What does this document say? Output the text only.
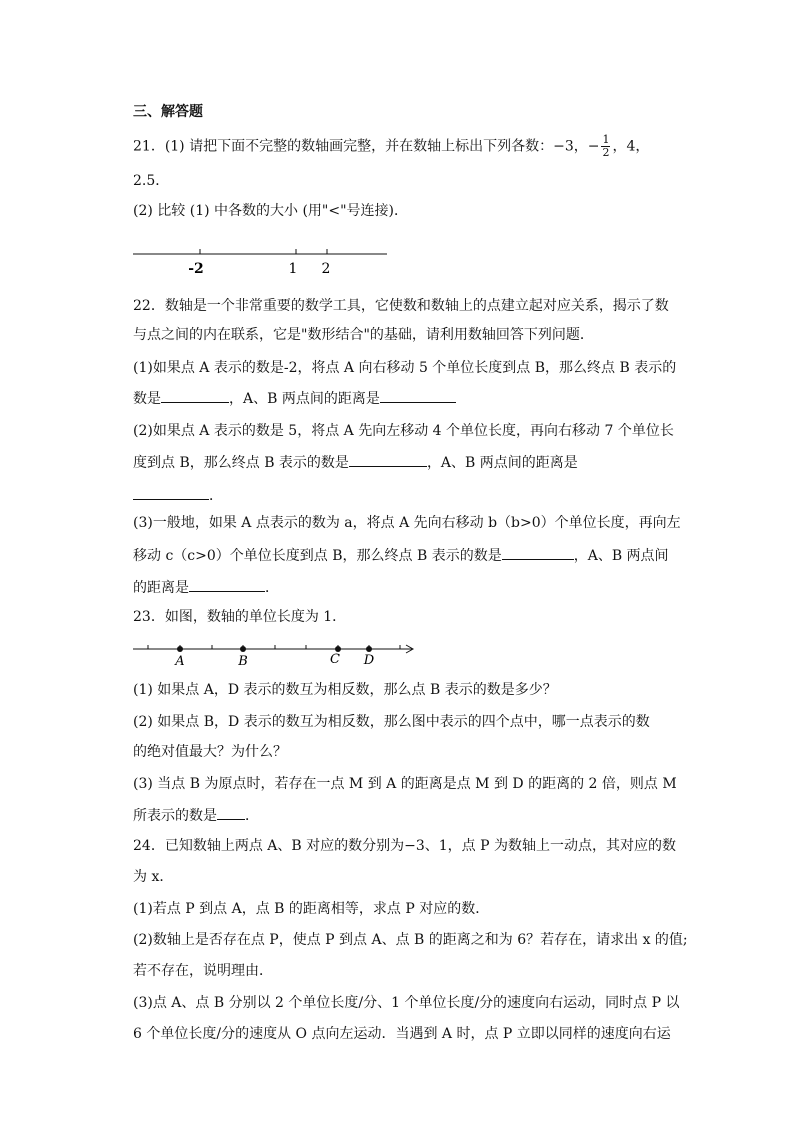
三、解答题
21．(1) 请把下面不完整的数轴画完整，并在数轴上标出下列各数：−3，− $\frac{1}{2}$ ，4，
2.5．
(2) 比较 (1) 中各数的大小 (用"<"号连接)．
-2	1 2
22．数轴是一个非常重要的数学工具，它使数和数轴上的点建立起对应关系，揭示了数
与点之间的内在联系，它是"数形结合"的基础，请利用数轴回答下列问题．
(1)如果点 A 表示的数是-2，将点 A 向右移动 5 个单位长度到点 B，那么终点 B 表示的
数是	，A、B 两点间的距离是
(2)如果点 A 表示的数是 5，将点 A 先向左移动 4 个单位长度，再向右移动 7 个单位长
度到点 B，那么终点 B 表示的数是	，A、B 两点间的距离是
．
(3)一般地，如果 A 点表示的数为 a，将点 A 先向右移动 b（b>0）个单位长度，再向左
移动 c（c>0）个单位长度到点 B，那么终点 B 表示的数是	，A、B 两点间
的距离是	．
23．如图，数轴的单位长度为 1．
A	B	C D
(1) 如果点 A，D 表示的数互为相反数，那么点 B 表示的数是多少？
(2) 如果点 B，D 表示的数互为相反数，那么图中表示的四个点中，哪一点表示的数
的绝对值最大？为什么？
(3) 当点 B 为原点时，若存在一点 M 到 A 的距离是点 M 到 D 的距离的 2 倍，则点 M
所表示的数是 ．
24．已知数轴上两点 A、B 对应的数分别为−3、1，点 P 为数轴上一动点，其对应的数
为 x．
(1)若点 P 到点 A，点 B 的距离相等，求点 P 对应的数．
(2)数轴上是否存在点 P，使点 P 到点 A、点 B 的距离之和为 6？若存在，请求出 x 的值;
若不存在，说明理由．
(3)点 A、点 B 分别以 2 个单位长度/分、1 个单位长度/分的速度向右运动，同时点 P 以
6 个单位长度/分的速度从 O 点向左运动．当遇到 A 时，点 P 立即以同样的速度向右运
